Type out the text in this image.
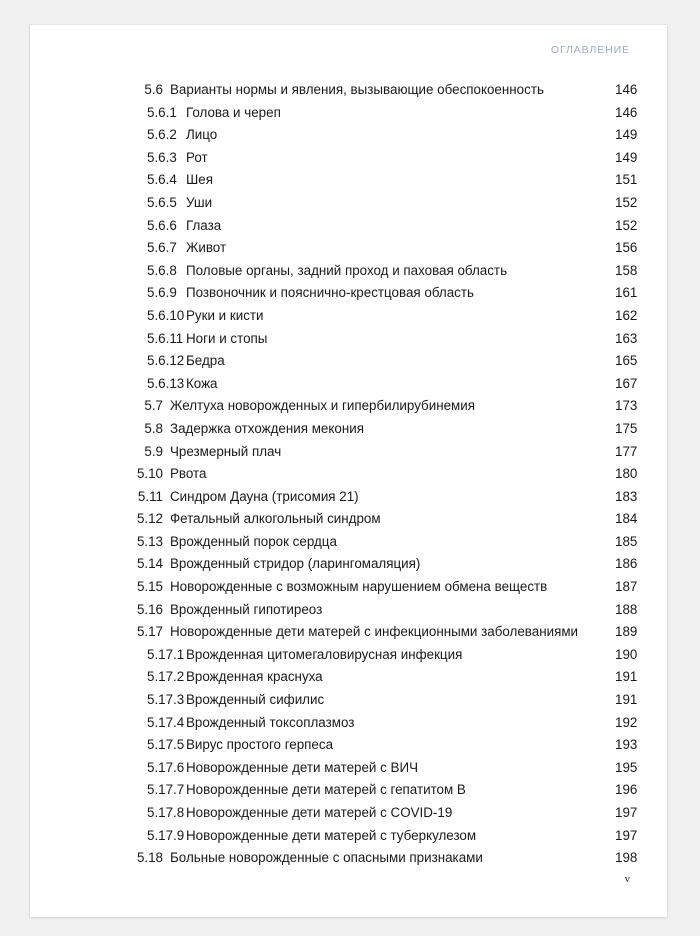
ОГЛАВЛЕНИЕ
5.6 Варианты нормы и явления, вызывающие обеспокоенность	146
5.6.1 Голова и череп	146
5.6.2 Лицо	149
5.6.3 Рот	149
5.6.4 Шея	151
5.6.5 Уши	152
5.6.6 Глаза	152
5.6.7 Живот	156
5.6.8 Половые органы, задний проход и паховая область	158
5.6.9 Позвоночник и пояснично-крестцовая область	161
5.6.10 Руки и кисти	162
5.6.11 Ноги и стопы	163
5.6.12 Бедра	165
5.6.13 Кожа	167
5.7 Желтуха новорожденных и гипербилирубинемия	173
5.8 Задержка отхождения мекония	175
5.9 Чрезмерный плач	177
5.10 Рвота	180
5.11 Синдром Дауна (трисомия 21)	183
5.12 Фетальный алкогольный синдром	184
5.13 Врожденный порок сердца	185
5.14 Врожденный стридор (ларингомаляция)	186
5.15 Новорожденные с возможным нарушением обмена веществ	187
5.16 Врожденный гипотиреоз	188
5.17 Новорожденные дети матерей с инфекционными заболеваниями	189
5.17.1 Врожденная цитомегаловирусная инфекция	190
5.17.2 Врожденная краснуха	191
5.17.3 Врожденный сифилис	191
5.17.4 Врожденный токсоплазмоз	192
5.17.5 Вирус простого герпеса	193
5.17.6 Новорожденные дети матерей с ВИЧ	195
5.17.7 Новорожденные дети матерей с гепатитом B	196
5.17.8 Новорожденные дети матерей с COVID-19	197
5.17.9 Новорожденные дети матерей с туберкулезом	197
5.18 Больные новорожденные с опасными признаками	198
v
